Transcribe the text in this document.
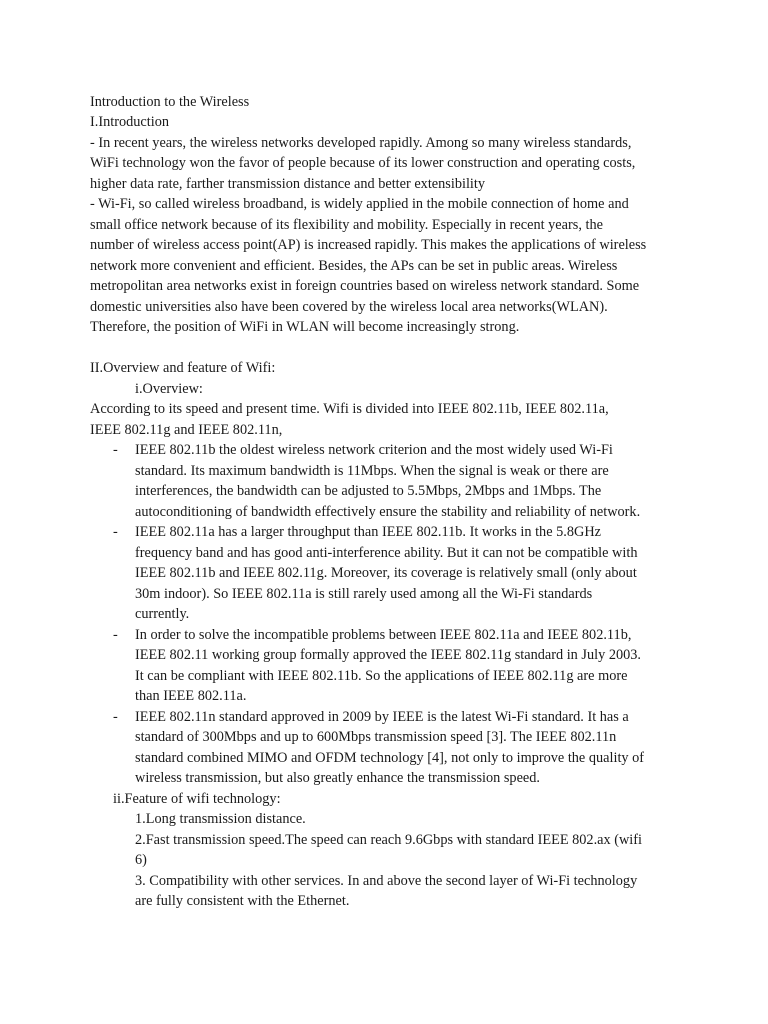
Introduction to the Wireless
I.Introduction
- In recent years, the wireless networks developed rapidly. Among so many wireless standards,
WiFi technology won the favor of people because of its lower construction and operating costs,
higher data rate, farther transmission distance and better extensibility
- Wi-Fi, so called wireless broadband, is widely applied in the mobile connection of home and
small office network because of its flexibility and mobility. Especially in recent years, the
number of wireless access point(AP) is increased rapidly. This makes the applications of wireless
network more convenient and efficient. Besides, the APs can be set in public areas. Wireless
metropolitan area networks exist in foreign countries based on wireless network standard. Some
domestic universities also have been covered by the wireless local area networks(WLAN).
Therefore, the position of WiFi in WLAN will become increasingly strong.
II.Overview and feature of Wifi:
i.Overview:
According to its speed and present time. Wifi is divided into IEEE 802.11b, IEEE 802.11a,
IEEE 802.11g and IEEE 802.11n,
- IEEE 802.11b the oldest wireless network criterion and the most widely used Wi-Fi
standard. Its maximum bandwidth is 11Mbps. When the signal is weak or there are
interferences, the bandwidth can be adjusted to 5.5Mbps, 2Mbps and 1Mbps. The
autoconditioning of bandwidth effectively ensure the stability and reliability of network.
- IEEE 802.11a has a larger throughput than IEEE 802.11b. It works in the 5.8GHz
frequency band and has good anti-interference ability. But it can not be compatible with
IEEE 802.11b and IEEE 802.11g. Moreover, its coverage is relatively small (only about
30m indoor). So IEEE 802.11a is still rarely used among all the Wi-Fi standards
currently.
- In order to solve the incompatible problems between IEEE 802.11a and IEEE 802.11b,
IEEE 802.11 working group formally approved the IEEE 802.11g standard in July 2003.
It can be compliant with IEEE 802.11b. So the applications of IEEE 802.11g are more
than IEEE 802.11a.
- IEEE 802.11n standard approved in 2009 by IEEE is the latest Wi-Fi standard. It has a
standard of 300Mbps and up to 600Mbps transmission speed [3]. The IEEE 802.11n
standard combined MIMO and OFDM technology [4], not only to improve the quality of
wireless transmission, but also greatly enhance the transmission speed.
ii.Feature of wifi technology:
1.Long transmission distance.
2.Fast transmission speed.The speed can reach 9.6Gbps with standard IEEE 802.ax (wifi
6)
3. Compatibility with other services. In and above the second layer of Wi-Fi technology
are fully consistent with the Ethernet.
